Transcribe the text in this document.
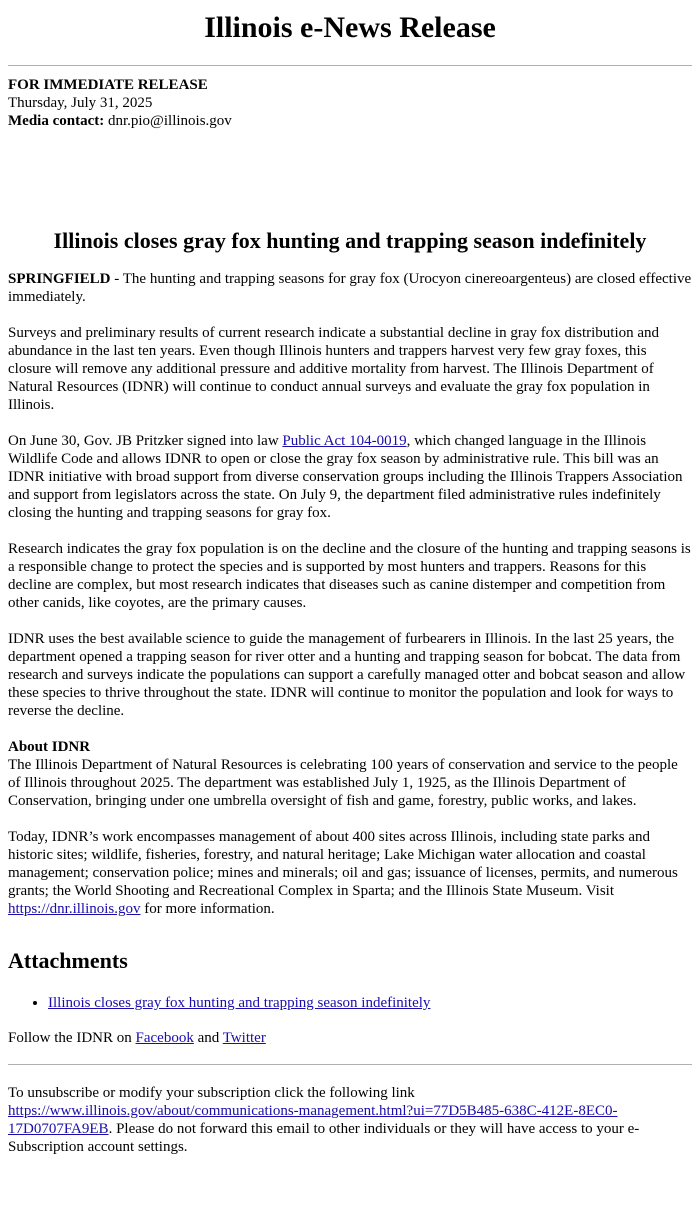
Illinois e-News Release

FOR IMMEDIATE RELEASE

Thursday, July 31, 2025

Media contact: dnr.pio@illinois.gov

Illinois closes gray fox hunting and trapping season indefinitely

SPRINGFIELD - The hunting and trapping seasons for gray fox (Urocyon cinereoargenteus) are closed effective immediately.

Surveys and preliminary results of current research indicate a substantial decline in gray fox distribution and abundance in the last ten years. Even though Illinois hunters and trappers harvest very few gray foxes, this closure will remove any additional pressure and additive mortality from harvest. The Illinois Department of Natural Resources (IDNR) will continue to conduct annual surveys and evaluate the gray fox population in Illinois.

On June 30, Gov. JB Pritzker signed into law Public Act 104-0019, which changed language in the Illinois Wildlife Code and allows IDNR to open or close the gray fox season by administrative rule. This bill was an IDNR initiative with broad support from diverse conservation groups including the Illinois Trappers Association and support from legislators across the state. On July 9, the department filed administrative rules indefinitely closing the hunting and trapping seasons for gray fox.

Research indicates the gray fox population is on the decline and the closure of the hunting and trapping seasons is a responsible change to protect the species and is supported by most hunters and trappers. Reasons for this decline are complex, but most research indicates that diseases such as canine distemper and competition from other canids, like coyotes, are the primary causes.

IDNR uses the best available science to guide the management of furbearers in Illinois. In the last 25 years, the department opened a trapping season for river otter and a hunting and trapping season for bobcat. The data from research and surveys indicate the populations can support a carefully managed otter and bobcat season and allow these species to thrive throughout the state. IDNR will continue to monitor the population and look for ways to reverse the decline.

About IDNR
The Illinois Department of Natural Resources is celebrating 100 years of conservation and service to the people of Illinois throughout 2025. The department was established July 1, 1925, as the Illinois Department of Conservation, bringing under one umbrella oversight of fish and game, forestry, public works, and lakes.

Today, IDNR’s work encompasses management of about 400 sites across Illinois, including state parks and historic sites; wildlife, fisheries, forestry, and natural heritage; Lake Michigan water allocation and coastal management; conservation police; mines and minerals; oil and gas; issuance of licenses, permits, and numerous grants; the World Shooting and Recreational Complex in Sparta; and the Illinois State Museum. Visit https://dnr.illinois.gov for more information.

Attachments
• Illinois closes gray fox hunting and trapping season indefinitely
Follow the IDNR on Facebook and Twitter
To unsubscribe or modify your subscription click the following link https://www.illinois.gov/about/communications-management.html?ui=77D5B485-638C-412E-8EC0-17D0707FA9EB. Please do not forward this email to other individuals or they will have access to your e-Subscription account settings.
